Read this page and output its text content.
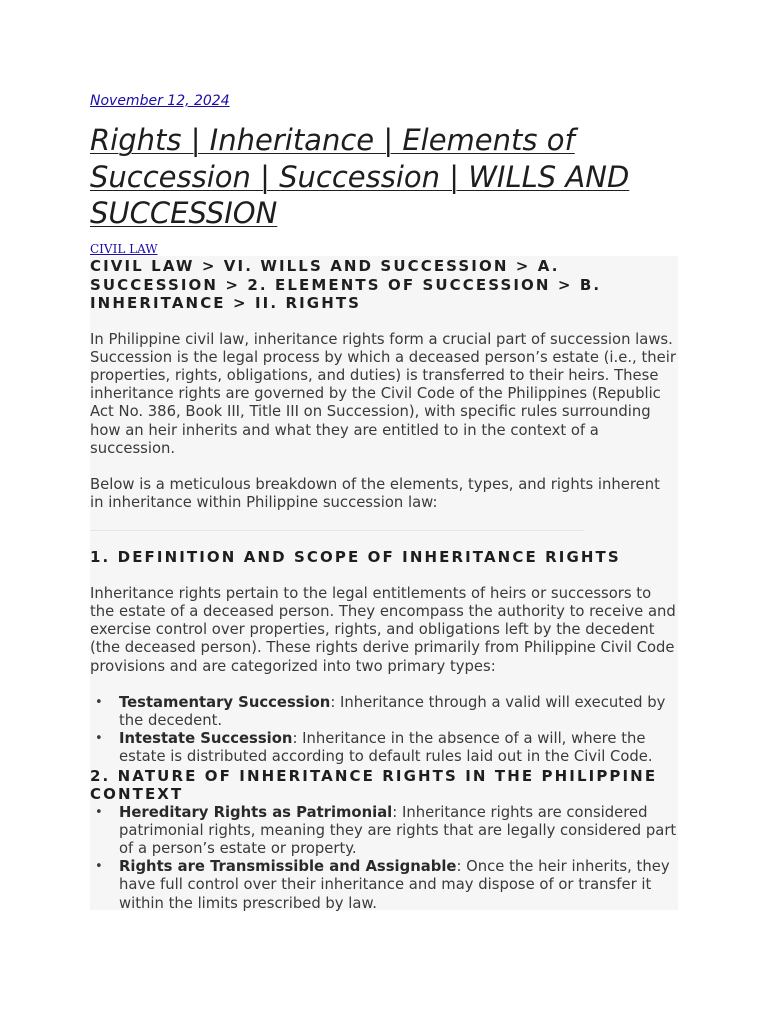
November 12, 2024
Rights | Inheritance | Elements of Succession | Succession | WILLS AND SUCCESSION
CIVIL LAW

CIVIL LAW > VI. WILLS AND SUCCESSION > A. SUCCESSION > 2. ELEMENTS OF SUCCESSION > B. INHERITANCE > II. RIGHTS

In Philippine civil law, inheritance rights form a crucial part of succession laws. Succession is the legal process by which a deceased person’s estate (i.e., their properties, rights, obligations, and duties) is transferred to their heirs. These inheritance rights are governed by the Civil Code of the Philippines (Republic Act No. 386, Book III, Title III on Succession), with specific rules surrounding how an heir inherits and what they are entitled to in the context of a succession.

Below is a meticulous breakdown of the elements, types, and rights inherent in inheritance within Philippine succession law:

1. DEFINITION AND SCOPE OF INHERITANCE RIGHTS

Inheritance rights pertain to the legal entitlements of heirs or successors to the estate of a deceased person. They encompass the authority to receive and exercise control over properties, rights, and obligations left by the decedent (the deceased person). These rights derive primarily from Philippine Civil Code provisions and are categorized into two primary types:

• Testamentary Succession: Inheritance through a valid will executed by the decedent.
• Intestate Succession: Inheritance in the absence of a will, where the estate is distributed according to default rules laid out in the Civil Code.

2. NATURE OF INHERITANCE RIGHTS IN THE PHILIPPINE CONTEXT

• Hereditary Rights as Patrimonial: Inheritance rights are considered patrimonial rights, meaning they are rights that are legally considered part of a person’s estate or property.
• Rights are Transmissible and Assignable: Once the heir inherits, they have full control over their inheritance and may dispose of or transfer it within the limits prescribed by law.
